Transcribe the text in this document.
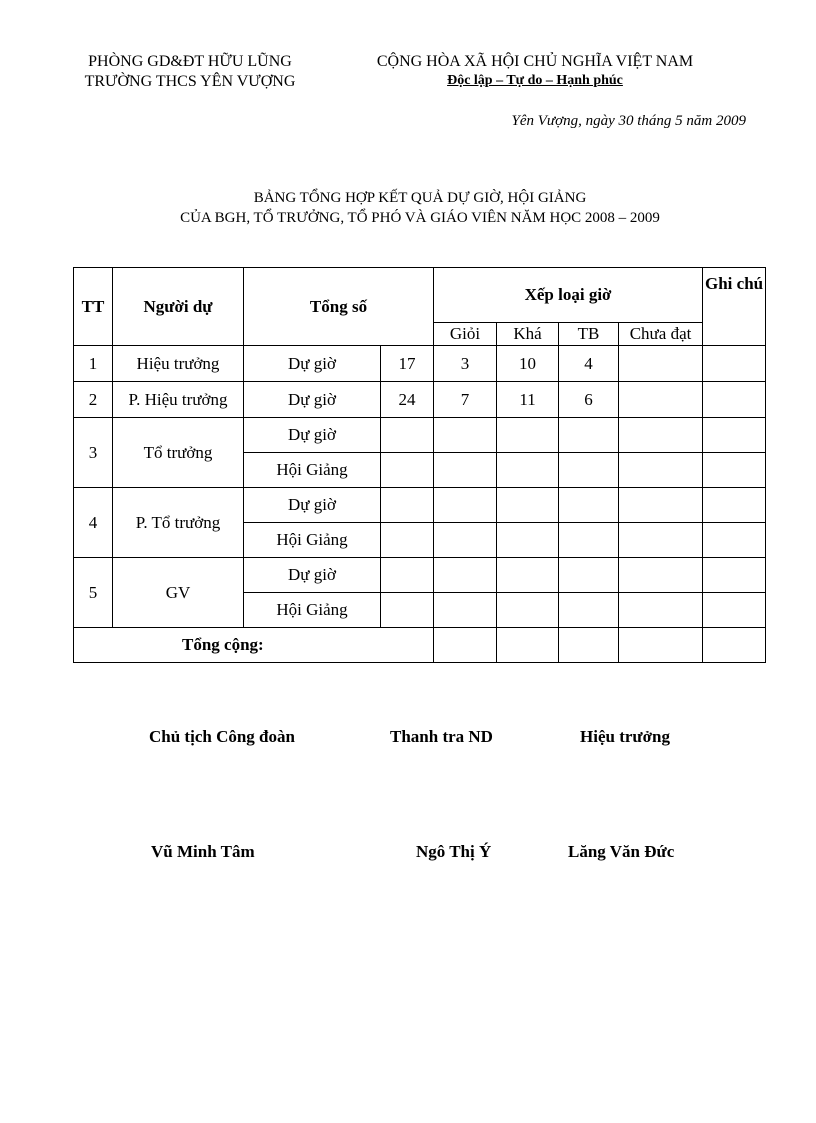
PHÒNG GD&ĐT HỮU LŨNG
TRƯỜNG THCS YÊN VƯỢNG
CỘNG HÒA XÃ HỘI CHỦ NGHĨA VIỆT NAM
Độc lập – Tự do – Hạnh phúc
Yên Vượng, ngày 30 tháng 5 năm 2009
BẢNG TỔNG HỢP KẾT QUẢ DỰ GIỜ, HỘI GIẢNG
CỦA BGH, TỔ TRƯỞNG, TỔ PHÓ VÀ GIÁO VIÊN NĂM HỌC 2008 – 2009
TT	Người dự	Tổng số		Xếp loại giờ				Ghi chú
				Giỏi	Khá	TB	Chưa đạt	
1	Hiệu trưởng	Dự giờ	17	3	10	4		
2	P. Hiệu trưởng	Dự giờ	24	7	11	6		
3	Tổ trưởng	Dự giờ						
		Hội Giảng						
4	P. Tổ trưởng	Dự giờ						
		Hội Giảng						
5	GV	Dự giờ						
		Hội Giảng						
Tổng cộng:								
Chủ tịch Công đoàn	Thanh tra ND	Hiệu trưởng
Vũ Minh Tâm	Ngô Thị Ý	Lăng Văn Đức
